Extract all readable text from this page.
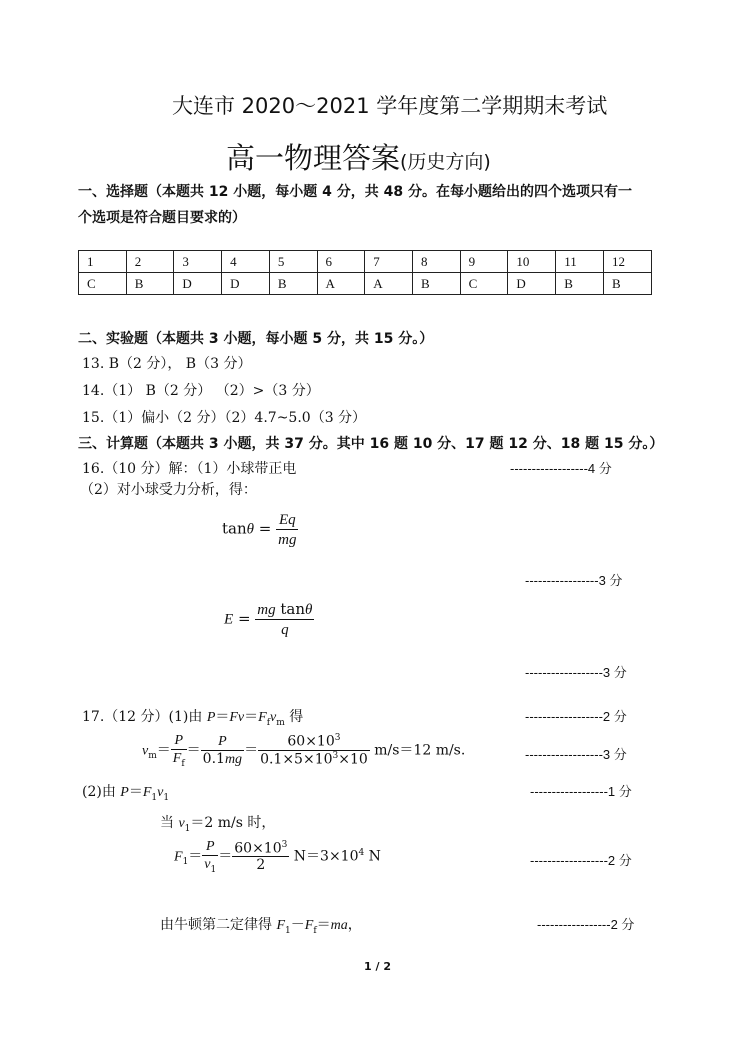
大连市 2020～2021 学年度第二学期期末考试
高一物理答案(历史方向)
一、选择题（本题共 12 小题，每小题 4 分，共 48 分。在每小题给出的四个选项只有一
个选项是符合题目要求的）
1	2	3	4	5	6	7	8	9	10	11	12
C	B	D	D	B	A	A	B	C	D	B	B
二、实验题（本题共 3 小题，每小题 5 分，共 15 分。）
13. B（2 分）， B（3 分）
14.（1） B（2 分） （2）>（3 分）
15.（1）偏小（2 分）（2）4.7~5.0（3 分）
三、计算题（本题共 3 小题，共 37 分。其中 16 题 10 分、17 题 12 分、18 题 15 分。）
16.（10 分）解：（1）小球带正电	------------------4 分
（2）对小球受力分析，得：
$\tan\theta = \frac{Eq}{mg}$
-----------------3 分
$E = \frac{\text{mg tanθ}}{q}$
------------------3 分
17.（12 分）(1)由 $P=Fv=F_fv_m$ 得	------------------2 分
$v_m= \frac{P}{F_f} = \frac{P}{0.1mg} = \frac{60\times 10^3}{0.1\times 5\times 10^3\times 10} m/s=12$ m/s.	------------------3 分
(2)由 $P=F_1v_1$	------------------1 分
当 $v_1=2$ m/s 时，
$F_1= \frac{P}{v_1} = \frac{60\times 10^3}{2} N=3\times 10^4$ N	------------------2 分
由牛顿第二定律得 $F_1-F_f=ma$，	-----------------2 分
1 / 2
